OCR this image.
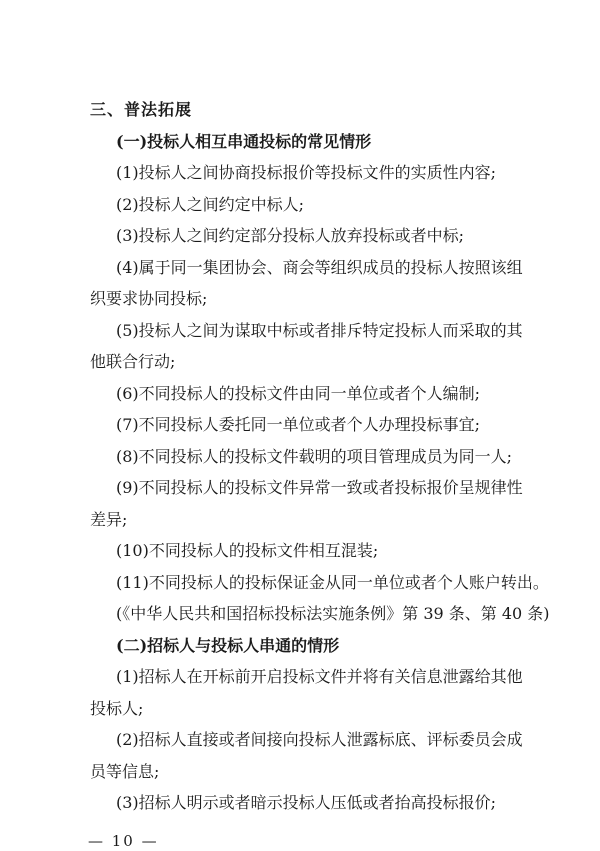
三、普法拓展
(一)投标人相互串通投标的常见情形
(1)投标人之间协商投标报价等投标文件的实质性内容;
(2)投标人之间约定中标人;
(3)投标人之间约定部分投标人放弃投标或者中标;
(4)属于同一集团协会、商会等组织成员的投标人按照该组
织要求协同投标;
(5)投标人之间为谋取中标或者排斥特定投标人而采取的其
他联合行动;
(6)不同投标人的投标文件由同一单位或者个人编制;
(7)不同投标人委托同一单位或者个人办理投标事宜;
(8)不同投标人的投标文件载明的项目管理成员为同一人;
(9)不同投标人的投标文件异常一致或者投标报价呈规律性
差异;
(10)不同投标人的投标文件相互混装;
(11)不同投标人的投标保证金从同一单位或者个人账户转出。
(《中华人民共和国招标投标法实施条例》第 39 条、第 40 条)
(二)招标人与投标人串通的情形
(1)招标人在开标前开启投标文件并将有关信息泄露给其他
投标人;
(2)招标人直接或者间接向投标人泄露标底、评标委员会成
员等信息;
(3)招标人明示或者暗示投标人压低或者抬高投标报价;
— 10 —
